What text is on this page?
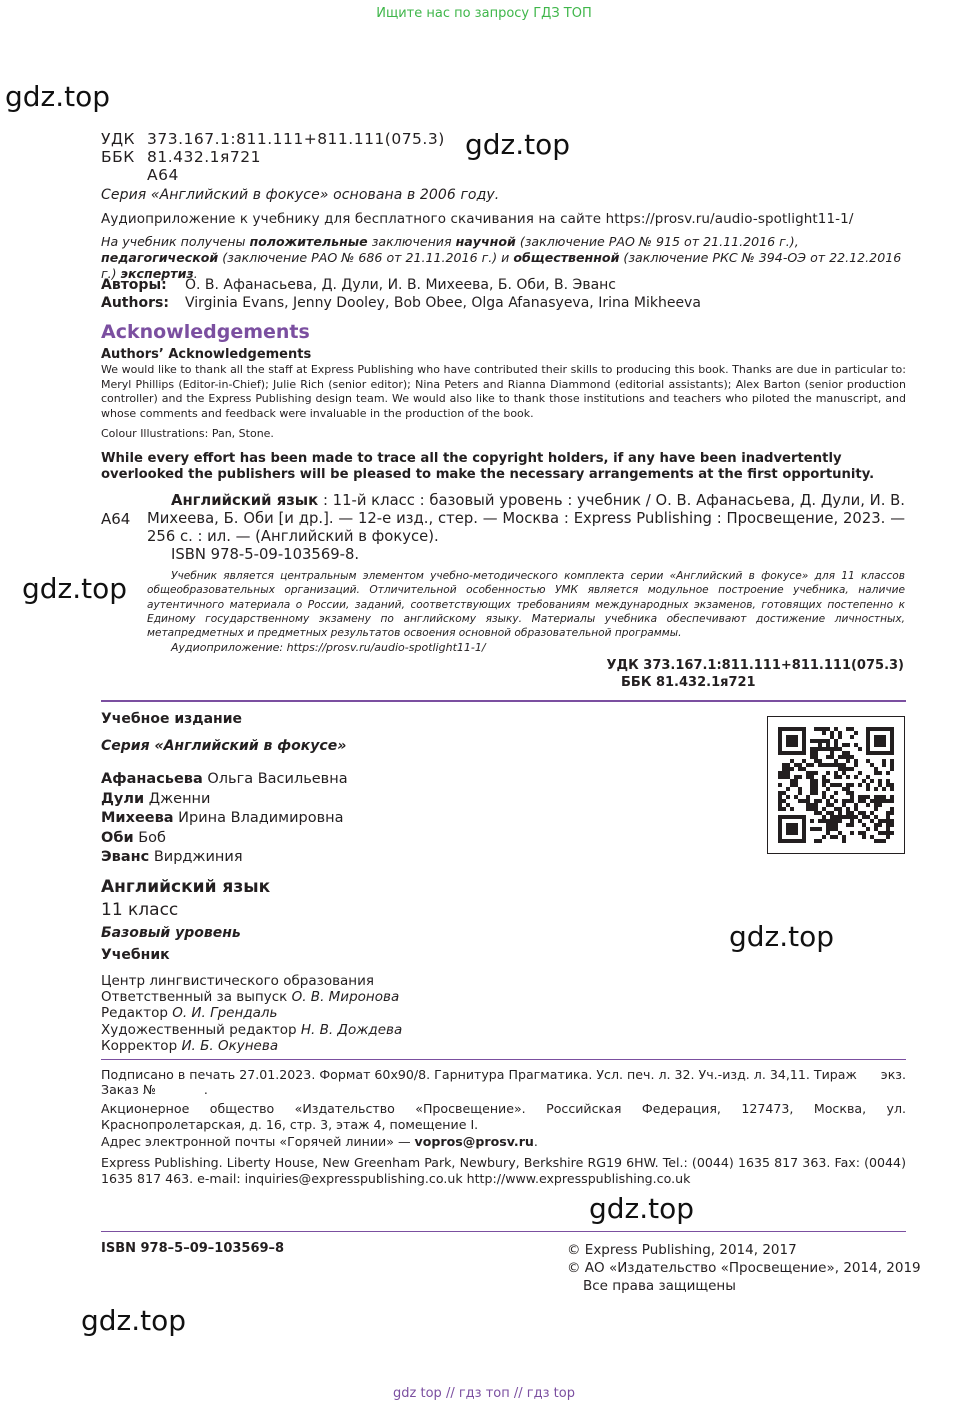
Ищите нас по запросу ГДЗ ТОП
gdz.top
gdz.top
gdz.top
gdz.top
gdz.top
gdz.top
УДК 373.167.1:811.111+811.111(075.3)
ББК 81.432.1я721
А64
Серия «Английский в фокусе» основана в 2006 году.
Аудиоприложение к учебнику для бесплатного скачивания на сайте https://prosv.ru/audio-spotlight11-1/
На учебник получены положительные заключения научной (заключение РАО № 915 от 21.11.2016 г.), педагогической (заключение РАО № 686 от 21.11.2016 г.) и общественной (заключение РКС № 394-ОЭ от 22.12.2016 г.) экспертиз.
Авторы: О. В. Афанасьева, Д. Дули, И. В. Михеева, Б. Оби, В. Эванс
Authors: Virginia Evans, Jenny Dooley, Bob Obee, Olga Afanasyeva, Irina Mikheeva
Acknowledgements
Authors’ Acknowledgements
We would like to thank all the staff at Express Publishing who have contributed their skills to producing this book. Thanks are due in particular to: Meryl Phillips (Editor-in-Chief); Julie Rich (senior editor); Nina Peters and Rianna Diammond (editorial assistants); Alex Barton (senior production controller) and the Express Publishing design team. We would also like to thank those institutions and teachers who piloted the manuscript, and whose comments and feedback were invaluable in the production of the book.
Colour Illustrations: Pan, Stone.
While every effort has been made to trace all the copyright holders, if any have been inadvertently overlooked the publishers will be pleased to make the necessary arrangements at the first opportunity.
А64
Английский язык : 11-й класс : базовый уровень : учебник / О. В. Афанасьева, Д. Дули, И. В. Михеева, Б. Оби [и др.]. — 12-е изд., стер. — Москва : Express Publishing : Просвещение, 2023. — 256 с. : ил. — (Английский в фокусе).
ISBN 978-5-09-103569-8.
Учебник является центральным элементом учебно-методического комплекта серии «Английский в фокусе» для 11 классов общеобразовательных организаций. Отличительной особенностью УМК является модульное построение учебника, наличие аутентичного материала о России, заданий, соответствующих требованиям международных экзаменов, готовящих постепенно к Единому государственному экзамену по английскому языку. Материалы учебника обеспечивают достижение личностных, метапредметных и предметных результатов освоения основной образовательной программы.
Аудиоприложение: https://prosv.ru/audio-spotlight11-1/
УДК 373.167.1:811.111+811.111(075.3)
ББК 81.432.1я721
Учебное издание
Серия «Английский в фокусе»
Афанасьева Ольга Васильевна
Дули Дженни
Михеева Ирина Владимировна
Оби Боб
Эванс Вирджиния
Английский язык
11 класс
Базовый уровень
Учебник
Центр лингвистического образования
Ответственный за выпуск О. В. Миронова
Редактор О. И. Грендаль
Художественный редактор Н. В. Дождева
Корректор И. Б. Окунева
Подписано в печать 27.01.2023. Формат 60х90/8. Гарнитура Прагматика. Усл. печ. л. 32. Уч.-изд. л. 34,11. Тираж экз.
Заказ №	.
Акционерное общество «Издательство «Просвещение». Российская Федерация, 127473, Москва, ул. Краснопролетарская, д. 16, стр. 3, этаж 4, помещение I.
Адрес электронной почты «Горячей линии» — vopros@prosv.ru.
Express Publishing. Liberty House, New Greenham Park, Newbury, Berkshire RG19 6HW. Tel.: (0044) 1635 817 363. Fax: (0044) 1635 817 463. e-mail: inquiries@expresspublishing.co.uk http://www.expresspublishing.co.uk
ISBN 978–5–09–103569–8	© Express Publishing, 2014, 2017
© АО «Издательство «Просвещение», 2014, 2019
Все права защищены
gdz top // гдз топ // гдз top
